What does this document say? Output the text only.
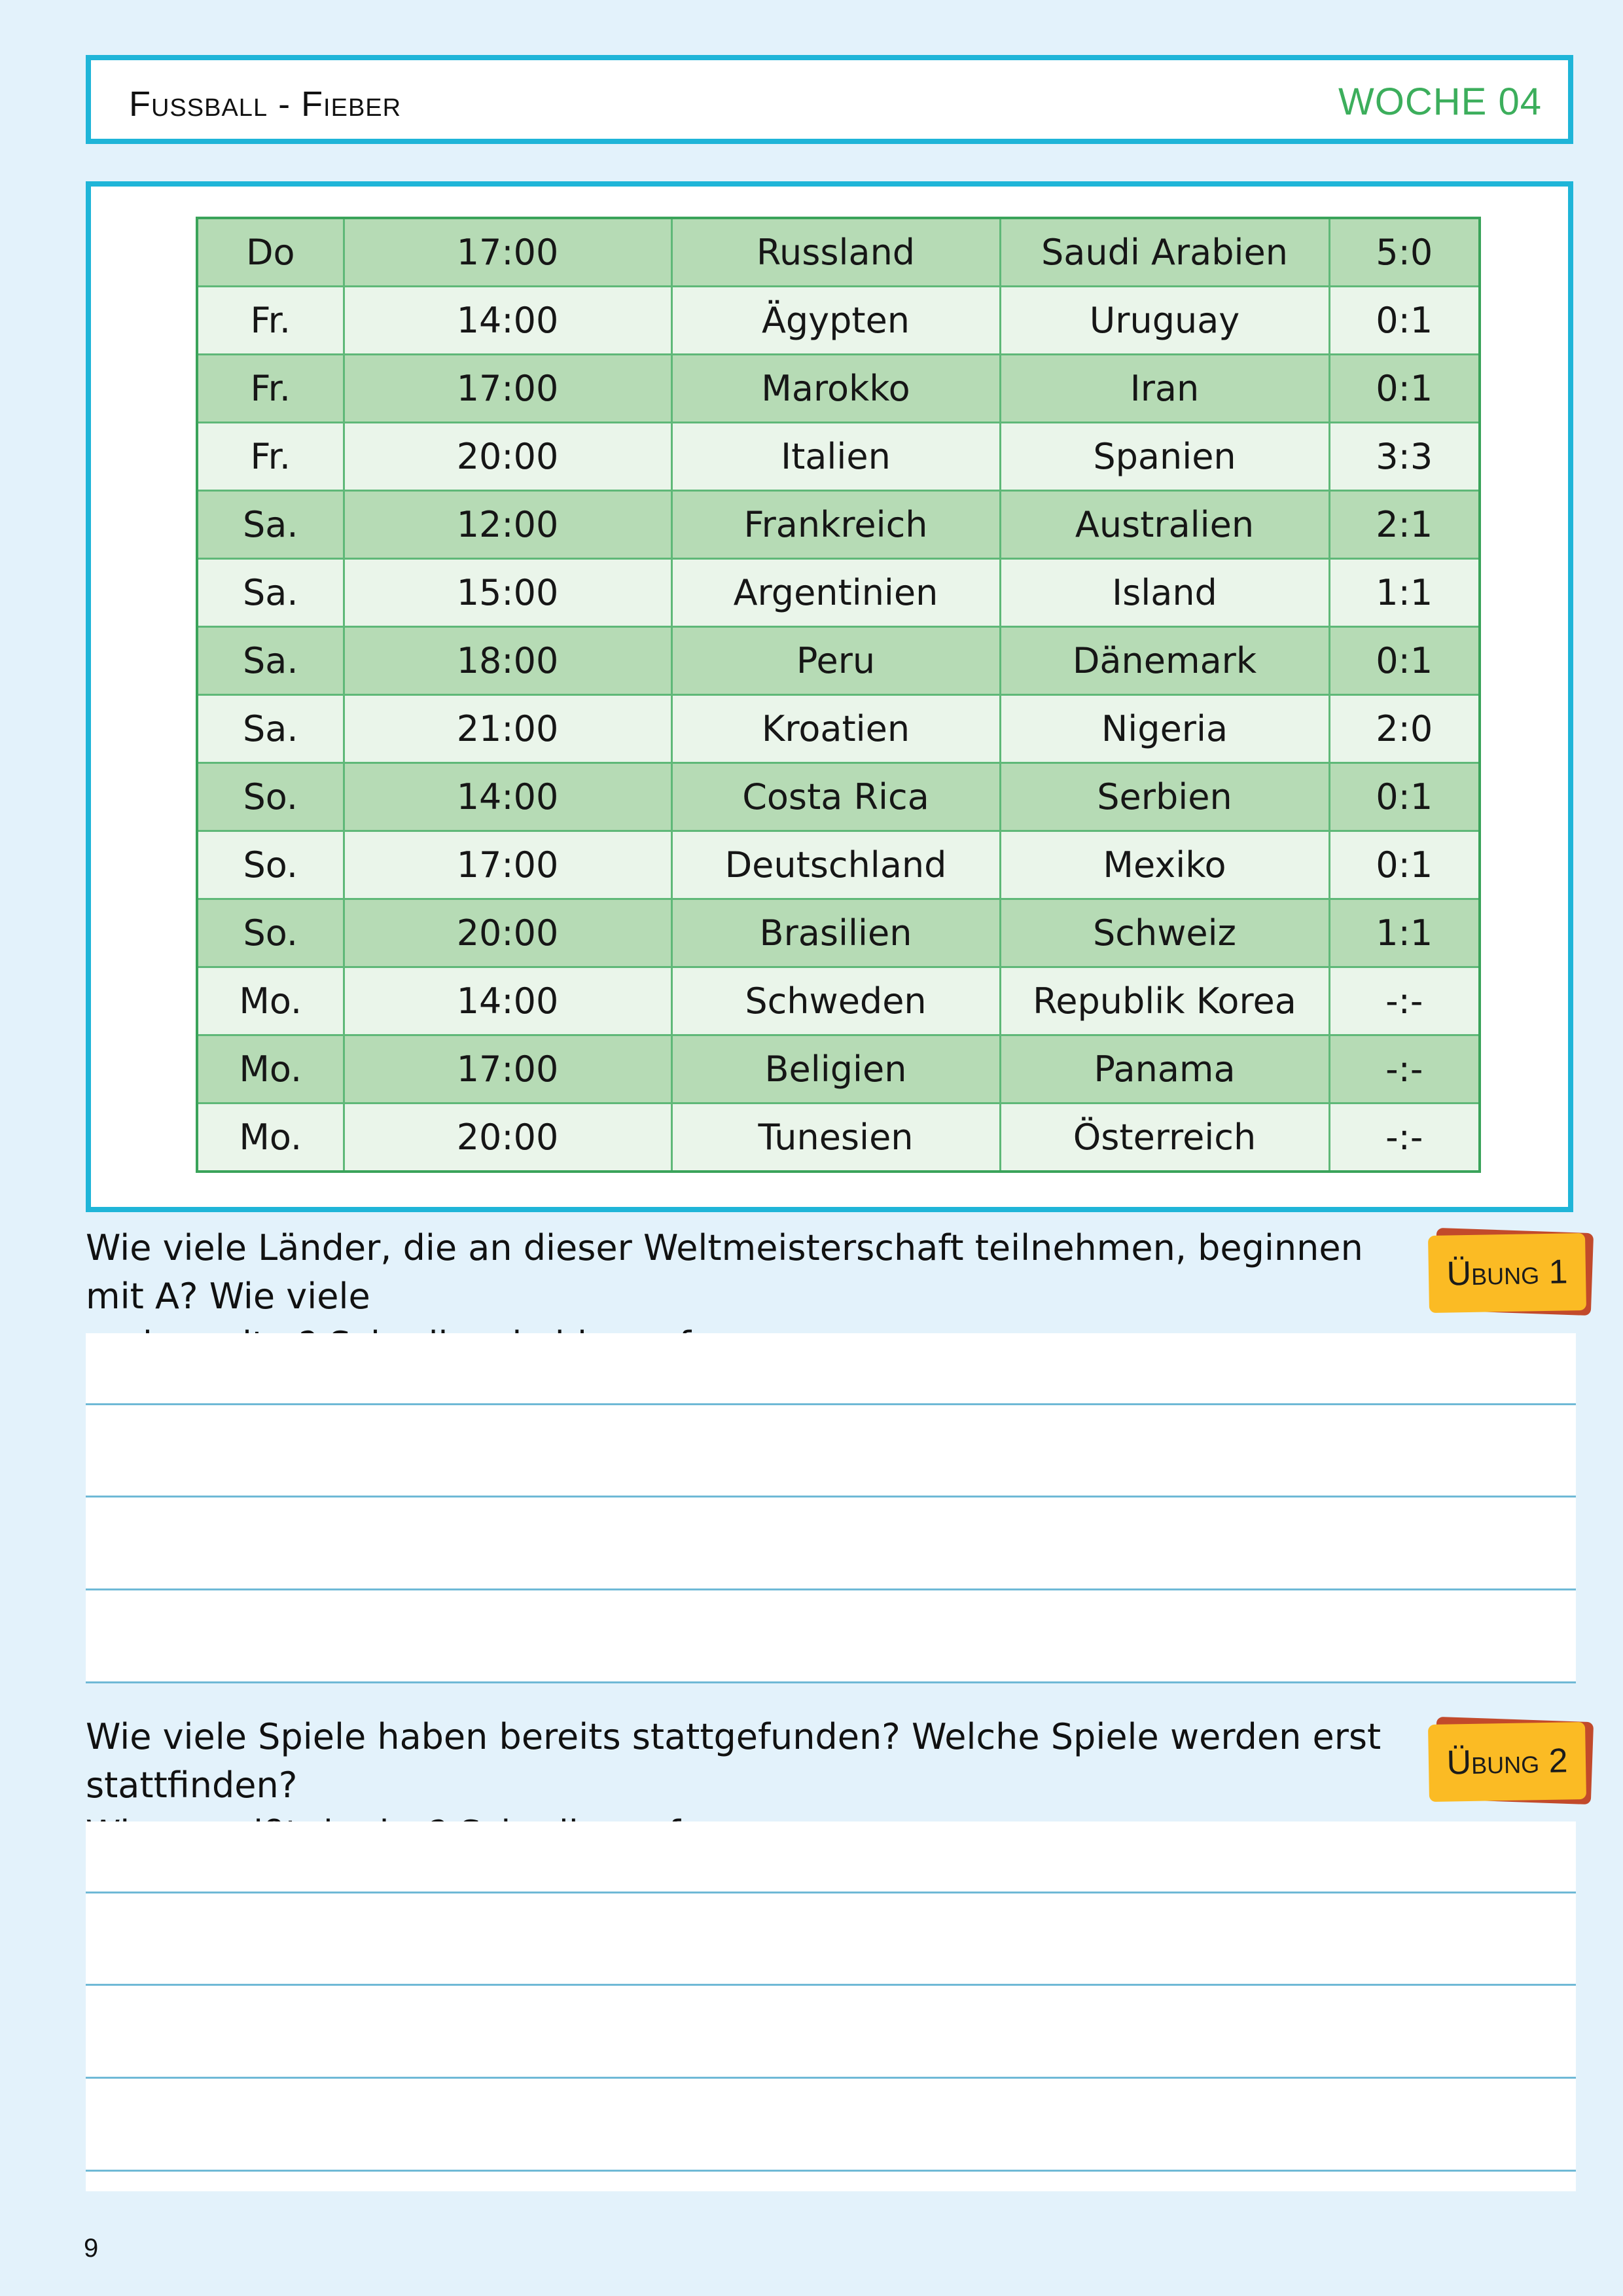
Fussball - Fieber	WOCHE 04
Do	17:00	Russland	Saudi Arabien	5:0
Fr.	14:00	Ägypten	Uruguay	0:1
Fr.	17:00	Marokko	Iran	0:1
Fr.	20:00	Italien	Spanien	3:3
Sa.	12:00	Frankreich	Australien	2:1
Sa.	15:00	Argentinien	Island	1:1
Sa.	18:00	Peru	Dänemark	0:1
Sa.	21:00	Kroatien	Nigeria	2:0
So.	14:00	Costa Rica	Serbien	0:1
So.	17:00	Deutschland	Mexiko	0:1
So.	20:00	Brasilien	Schweiz	1:1
Mo.	14:00	Schweden	Republik Korea	-:-
Mo.	17:00	Beligien	Panama	-:-
Mo.	20:00	Tunesien	Österreich	-:-
Wie viele Länder, die an dieser Weltmeisterschaft teilnehmen, beginnen mit A? Wie viele
Übung 1
Wie viele Spiele haben bereits stattgefunden? Welche Spiele werden erst stattfinden?
Übung 2
9
